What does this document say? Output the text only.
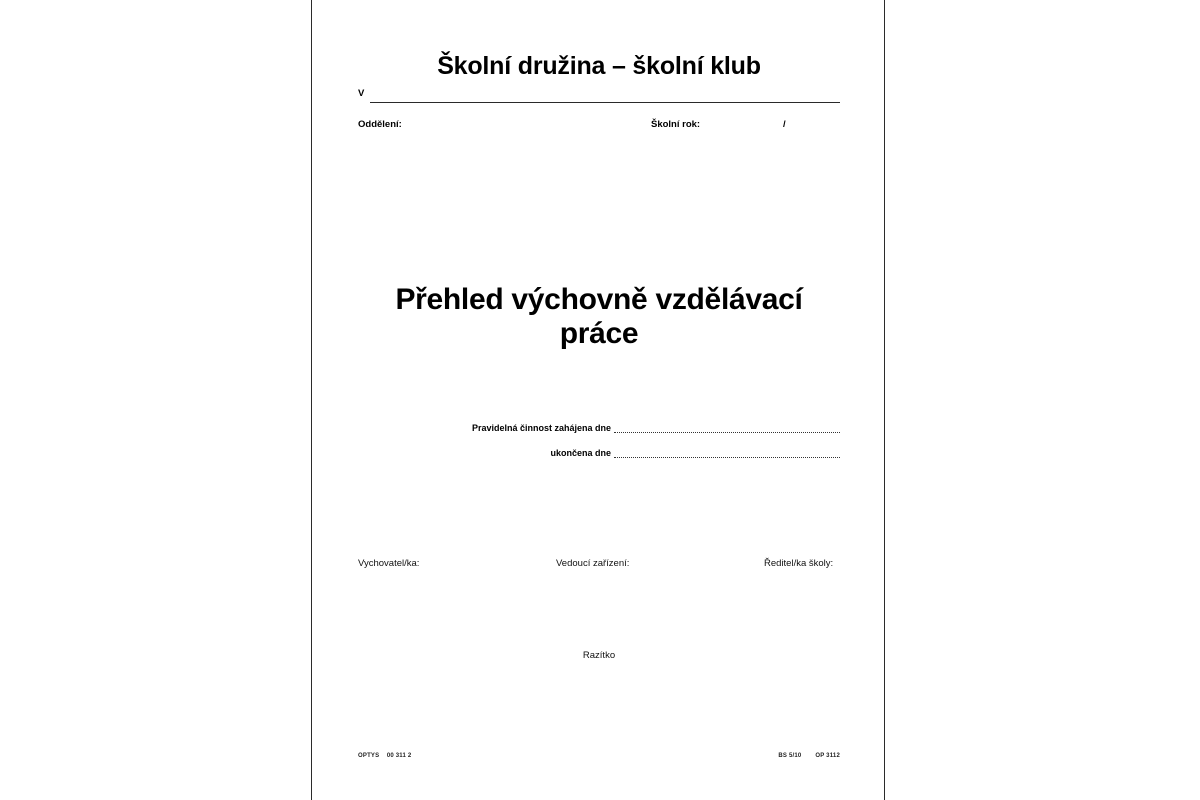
Školní družina – školní klub
V
Oddělení:	Školní rok:	/
Přehled výchovně vzdělávací práce
Pravidelná činnost zahájena dne
ukončena dne
Vychovatel/ka:	Vedoucí zařízení:	Ředitel/ka školy:
Razítko
OPTYS 00 311 2	BS 5/10 OP 3112
